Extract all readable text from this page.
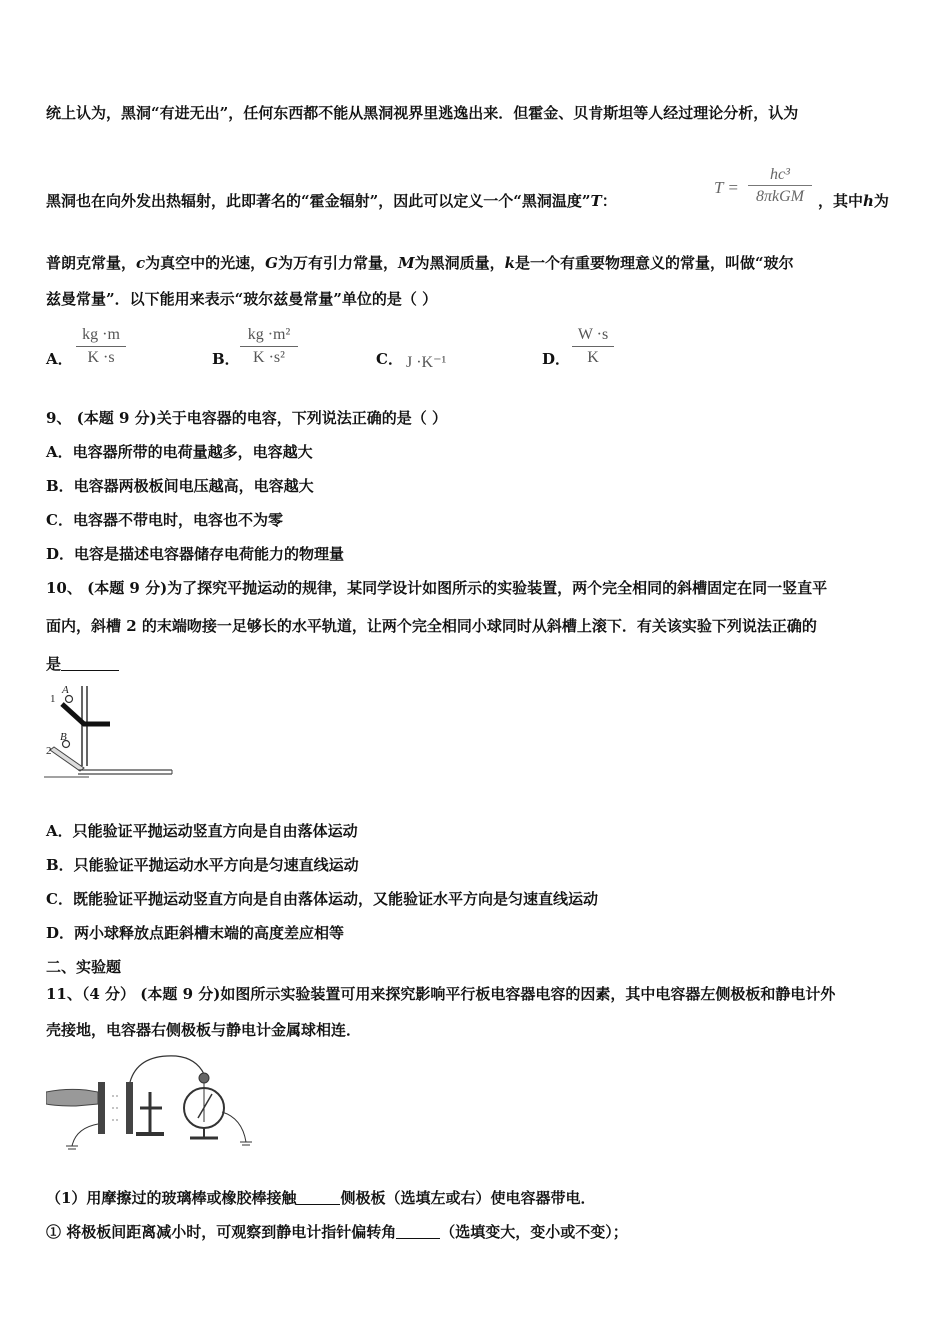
统上认为，黑洞“有进无出”，任何东西都不能从黑洞视界里逃逸出来．但霍金、贝肯斯坦等人经过理论分析，认为
黑洞也在向外发出热辐射，此即著名的“霍金辐射”，因此可以定义一个“黑洞温度”T：
T =
hc³
8πkGM ，其中h为
普朗克常量，c为真空中的光速，G为万有引力常量，M为黑洞质量，k是一个有重要物理意义的常量，叫做“玻尔
兹曼常量”．以下能用来表示“玻尔兹曼常量”单位的是（ ）
A．
kg ·m
K ·s	B．
kg ·m²
K ·s²	C． J ·K⁻¹	D．
W ·s
K
9、 (本题 9 分)关于电容器的电容，下列说法正确的是（ ）
A．电容器所带的电荷量越多，电容越大
B．电容器两极板间电压越高，电容越大
C．电容器不带电时，电容也不为零
D．电容是描述电容器储存电荷能力的物理量
10、 (本题 9 分)为了探究平抛运动的规律，某同学设计如图所示的实验装置，两个完全相同的斜槽固定在同一竖直平
面内，斜槽 2 的末端吻接一足够长的水平轨道，让两个完全相同小球同时从斜槽上滚下．有关该实验下列说法正确的
是
1
A
2
B
A．只能验证平抛运动竖直方向是自由落体运动
B．只能验证平抛运动水平方向是匀速直线运动
C．既能验证平抛运动竖直方向是自由落体运动，又能验证水平方向是匀速直线运动
D．两小球释放点距斜槽末端的高度差应相等
二、实验题
11、（4 分） (本题 9 分)如图所示实验装置可用来探究影响平行板电容器电容的因素，其中电容器左侧极板和静电计外
壳接地，电容器右侧极板与静电计金属球相连．
（1）用摩擦过的玻璃棒或橡胶棒接触	侧极板（选填左或右）使电容器带电．
① 将极板间距离减小时，可观察到静电计指针偏转角	（选填变大，变小或不变）；
